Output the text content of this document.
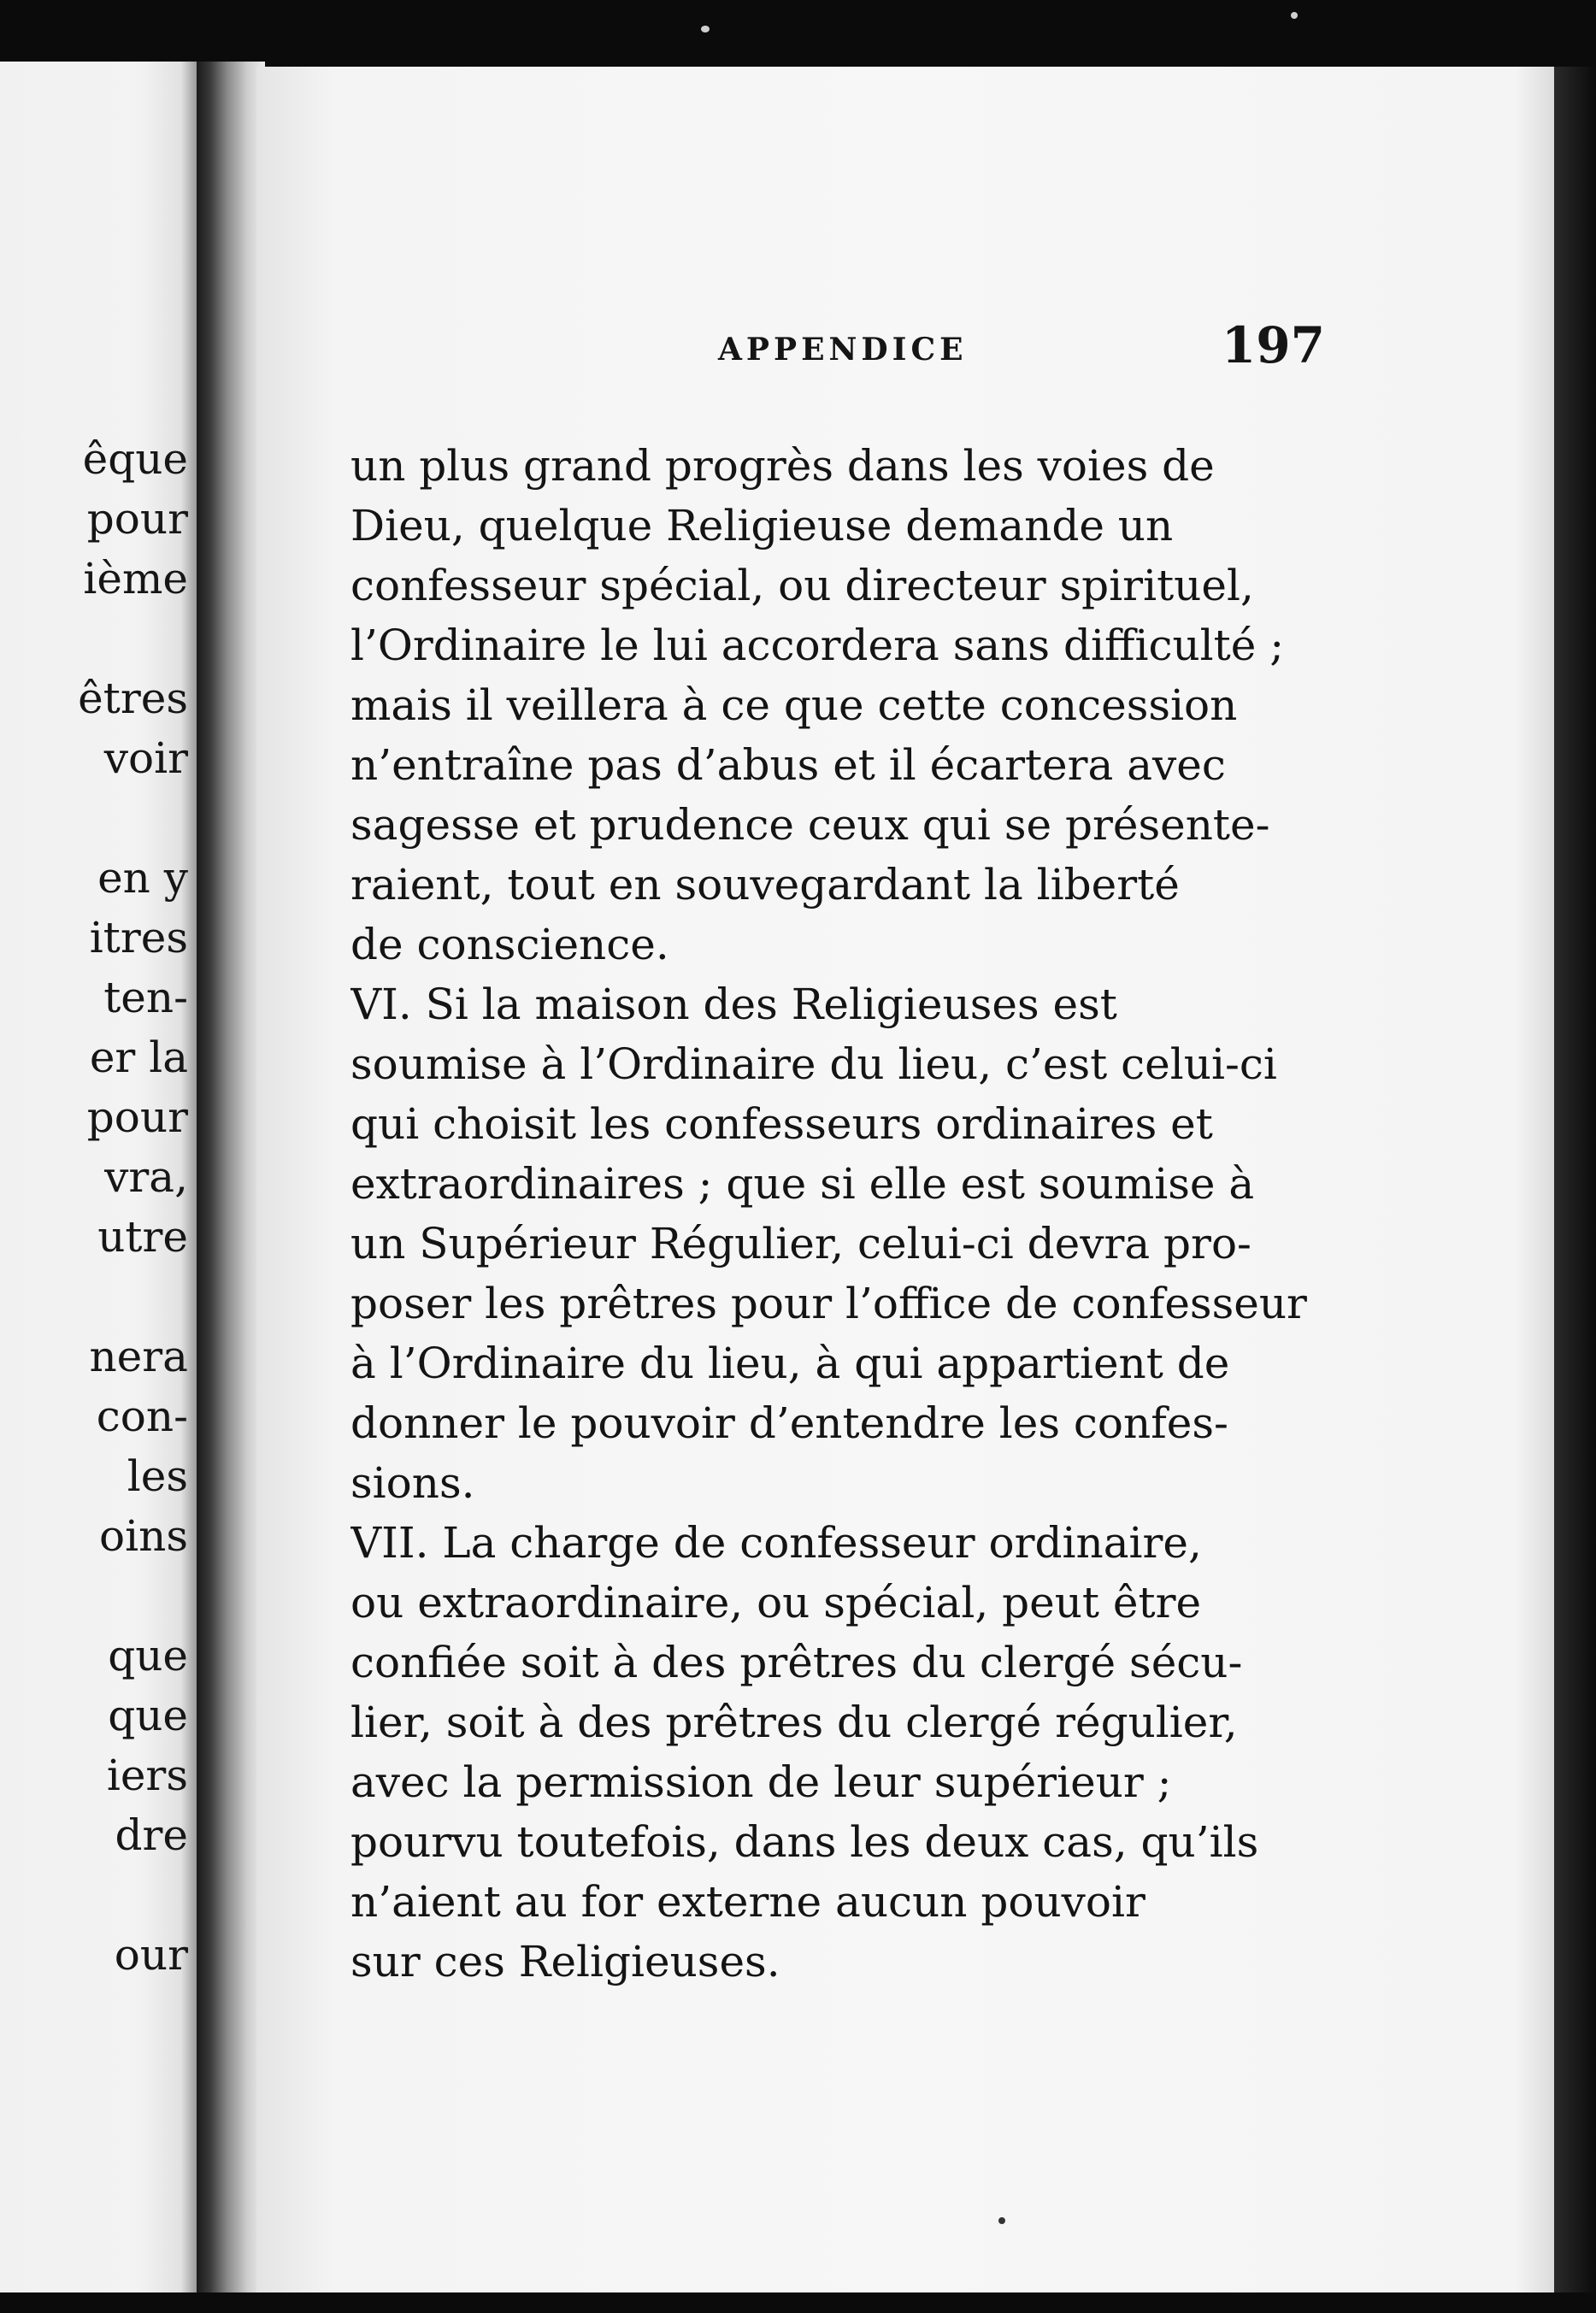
êque
pour
ième
êtres
voir
en y
itres
ten-
er la
pour
vra,
utre
nera
con-
les
oins
que
que
iers
dre
our
APPENDICE	197
un plus grand progrès dans les voies de
Dieu, quelque Religieuse demande un
confesseur spécial, ou directeur spirituel,
l’Ordinaire le lui accordera sans difficulté ;
mais il veillera à ce que cette concession
n’entraîne pas d’abus et il écartera avec
sagesse et prudence ceux qui se présente-
raient, tout en souvegardant la liberté
de conscience.
VI. Si la maison des Religieuses est
soumise à l’Ordinaire du lieu, c’est celui-ci
qui choisit les confesseurs ordinaires et
extraordinaires ; que si elle est soumise à
un Supérieur Régulier, celui-ci devra pro-
poser les prêtres pour l’office de confesseur
à l’Ordinaire du lieu, à qui appartient de
donner le pouvoir d’entendre les confes-
sions.
VII. La charge de confesseur ordinaire,
ou extraordinaire, ou spécial, peut être
confiée soit à des prêtres du clergé sécu-
lier, soit à des prêtres du clergé régulier,
avec la permission de leur supérieur ;
pourvu toutefois, dans les deux cas, qu’ils
n’aient au for externe aucun pouvoir
sur ces Religieuses.
